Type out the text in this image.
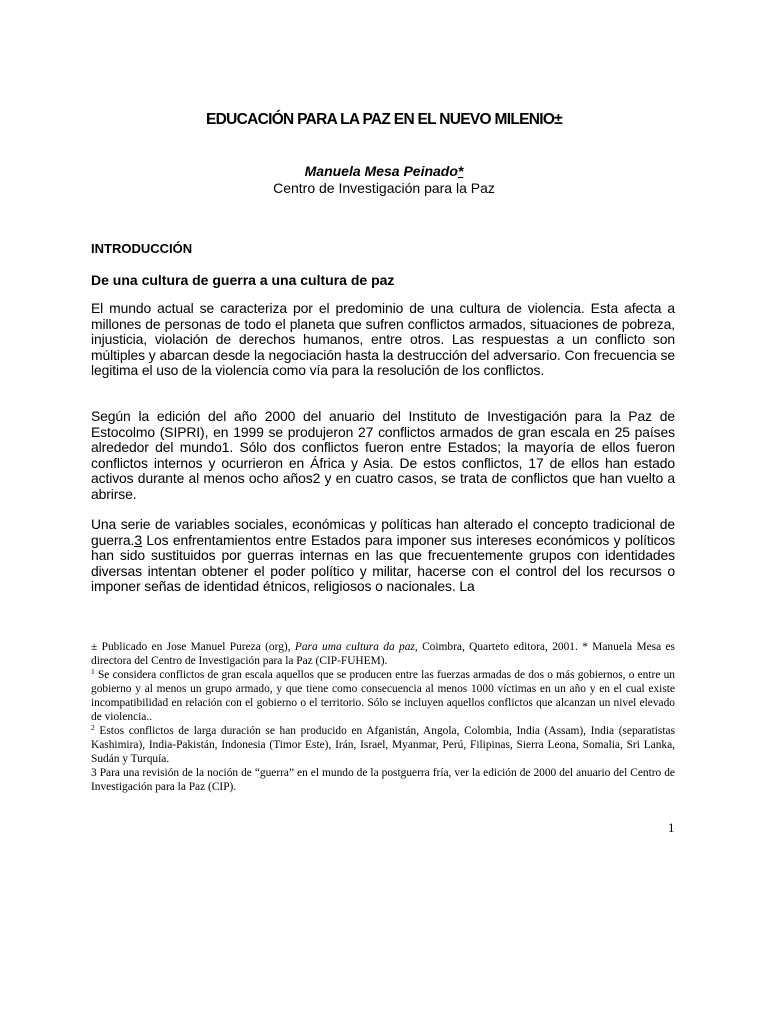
EDUCACIÓN PARA LA PAZ EN EL NUEVO MILENIO±
Manuela Mesa Peinado*
Centro de Investigación para la Paz
INTRODUCCIÓN
De una cultura de guerra a una cultura de paz
El mundo actual se caracteriza por el predominio de una cultura de violencia. Esta afecta a millones de personas de todo el planeta que sufren conflictos armados, situaciones de pobreza, injusticia, violación de derechos humanos, entre otros. Las respuestas a un conflicto son múltiples y abarcan desde la negociación hasta la destrucción del adversario. Con frecuencia se legitima el uso de la violencia como vía para la resolución de los conflictos.
Según la edición del año 2000 del anuario del Instituto de Investigación para la Paz de Estocolmo (SIPRI), en 1999 se produjeron 27 conflictos armados de gran escala en 25 países alrededor del mundo1. Sólo dos conflictos fueron entre Estados; la mayoría de ellos fueron conflictos internos y ocurrieron en África y Asia. De estos conflictos, 17 de ellos han estado activos durante al menos ocho años2 y en cuatro casos, se trata de conflictos que han vuelto a abrirse.
Una serie de variables sociales, económicas y políticas han alterado el concepto tradicional de guerra.3 Los enfrentamientos entre Estados para imponer sus intereses económicos y políticos han sido sustituidos por guerras internas en las que frecuentemente grupos con identidades diversas intentan obtener el poder político y militar, hacerse con el control del los recursos o imponer señas de identidad étnicos, religiosos o nacionales. La

± Publicado en Jose Manuel Pureza (org), Para uma cultura da paz, Coimbra, Quarteto editora, 2001. * Manuela Mesa es directora del Centro de Investigación para la Paz (CIP-FUHEM).

$^1$ Se considera conflictos de gran escala aquellos que se producen entre las fuerzas armadas de dos o más gobiernos, o entre un gobierno y al menos un grupo armado, y que tiene como consecuencia al menos 1000 víctimas en un año y en el cual existe incompatibilidad en relación con el gobierno o el territorio. Sólo se incluyen aquellos conflictos que alcanzan un nivel elevado de violencia..

$^2$ Estos conflictos de larga duración se han producido en Afganistán, Angola, Colombia, India (Assam), India (separatistas Kashimira), India-Pakistán, Indonesia (Timor Este), Irán, Israel, Myanmar, Perú, Filipinas, Sierra Leona, Somalia, Sri Lanka, Sudán y Turquía.

3 Para una revisión de la noción de “guerra” en el mundo de la postguerra fría, ver la edición de 2000 del anuario del Centro de Investigación para la Paz (CIP).

1
